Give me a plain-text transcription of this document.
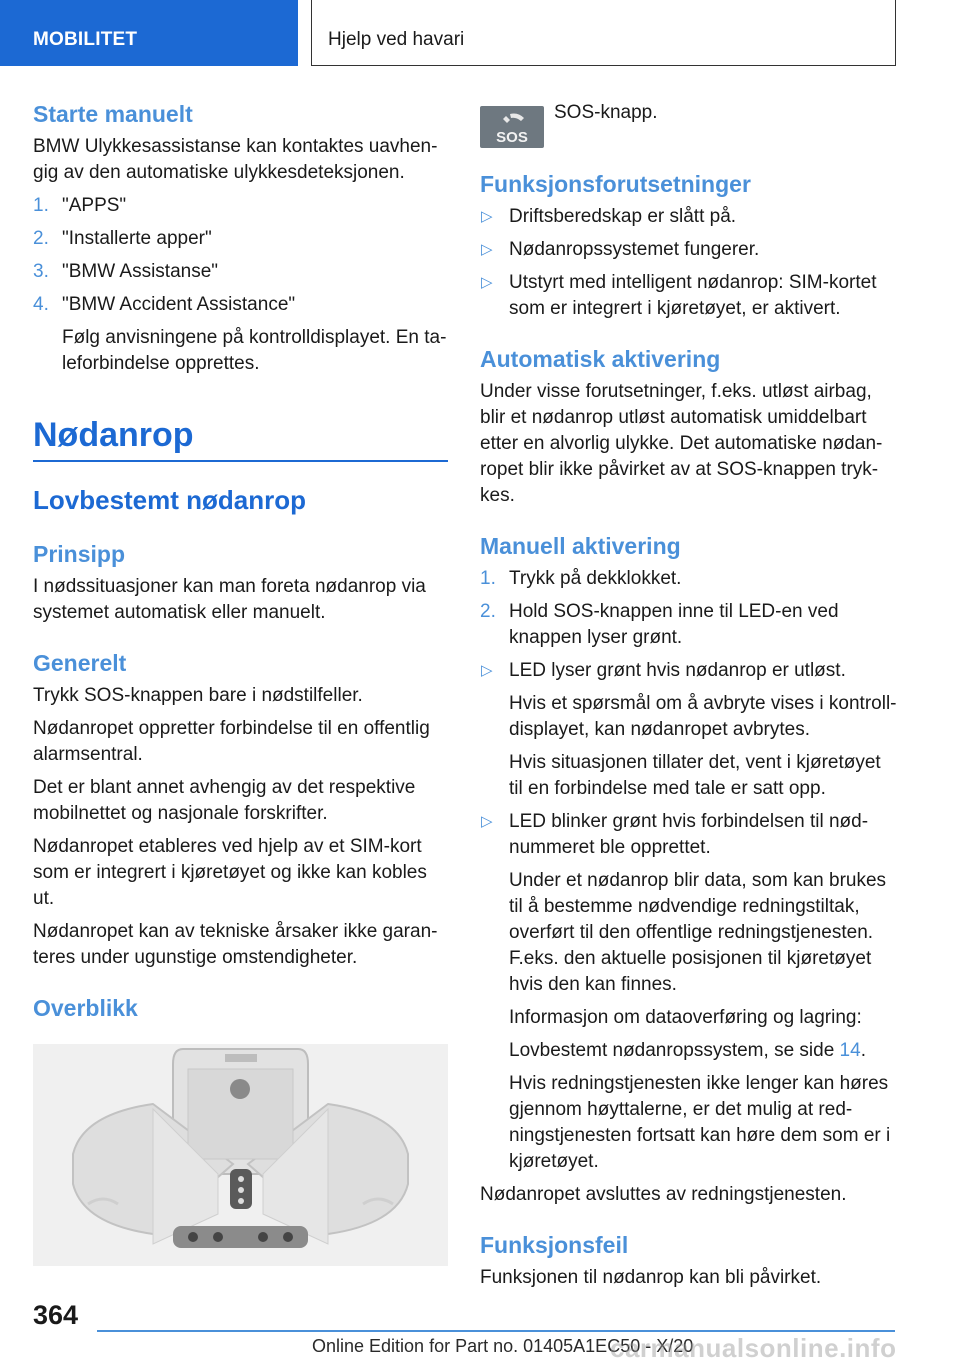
MOBILITET	Hjelp ved havari
Starte manuelt

BMW Ulykkesassistanse kan kontaktes uavhengig av den automatiske ulykkesdeteksjonen.

1. "APPS"
2. "Installerte apper"
3. "BMW Assistanse"
4. "BMW Accident Assistance"
Følg anvisningene på kontrolldisplayet. En taleforbindelse opprettes.
Nødanrop
Lovbestemt nødanrop
Prinsipp

I nødssituasjoner kan man foreta nødanrop via systemet automatisk eller manuelt.

Generelt

Trykk SOS-knappen bare i nødstilfeller.

Nødanropet oppretter forbindelse til en offentlig alarmsentral.

Det er blant annet avhengig av det respektive mobilnettet og nasjonale forskrifter.

Nødanropet etableres ved hjelp av et SIM-kort som er integrert i kjøretøyet og ikke kan kobles ut.

Nødanropet kan av tekniske årsaker ikke garanteres under ugunstige omstendigheter.

Overblikk
SOS

SOS-knapp.

Funksjonsforutsetninger
▷ Driftsberedskap er slått på.
▷ Nødanropssystemet fungerer.
▷ Utstyrt med intelligent nødanrop: SIM-kortet som er integrert i kjøretøyet, er aktivert.
Automatisk aktivering

Under visse forutsetninger, f.eks. utløst airbag, blir et nødanrop utløst automatisk umiddelbart etter en alvorlig ulykke. Det automatiske nødanropet blir ikke påvirket av at SOS-knappen trykkes.

Manuell aktivering
1. Trykk på dekklokket.
2. Hold SOS-knappen inne til LED-en ved knappen lyser grønt.
▷ LED lyser grønt hvis nødanrop er utløst.
Hvis et spørsmål om å avbryte vises i kontrolldisplayet, kan nødanropet avbrytes.
Hvis situasjonen tillater det, vent i kjøretøyet til en forbindelse med tale er satt opp.
▷ LED blinker grønt hvis forbindelsen til nødnummeret ble opprettet.
Under et nødanrop blir data, som kan brukes til å bestemme nødvendige redningstiltak, overført til den offentlige redningstjenesten. F.eks. den aktuelle posisjonen til kjøretøyet hvis den kan finnes.
Informasjon om dataoverføring og lagring:
Lovbestemt nødanropssystem, se side 14.
Hvis redningstjenesten ikke lenger kan høres gjennom høyttalerne, er det mulig at redningstjenesten fortsatt kan høre dem som er i kjøretøyet.

Nødanropet avsluttes av redningstjenesten.

Funksjonsfeil

Funksjonen til nødanrop kan bli påvirket.

364
Online Edition for Part no. 01405A1EC50 - X/20
carmanualsonline.info
